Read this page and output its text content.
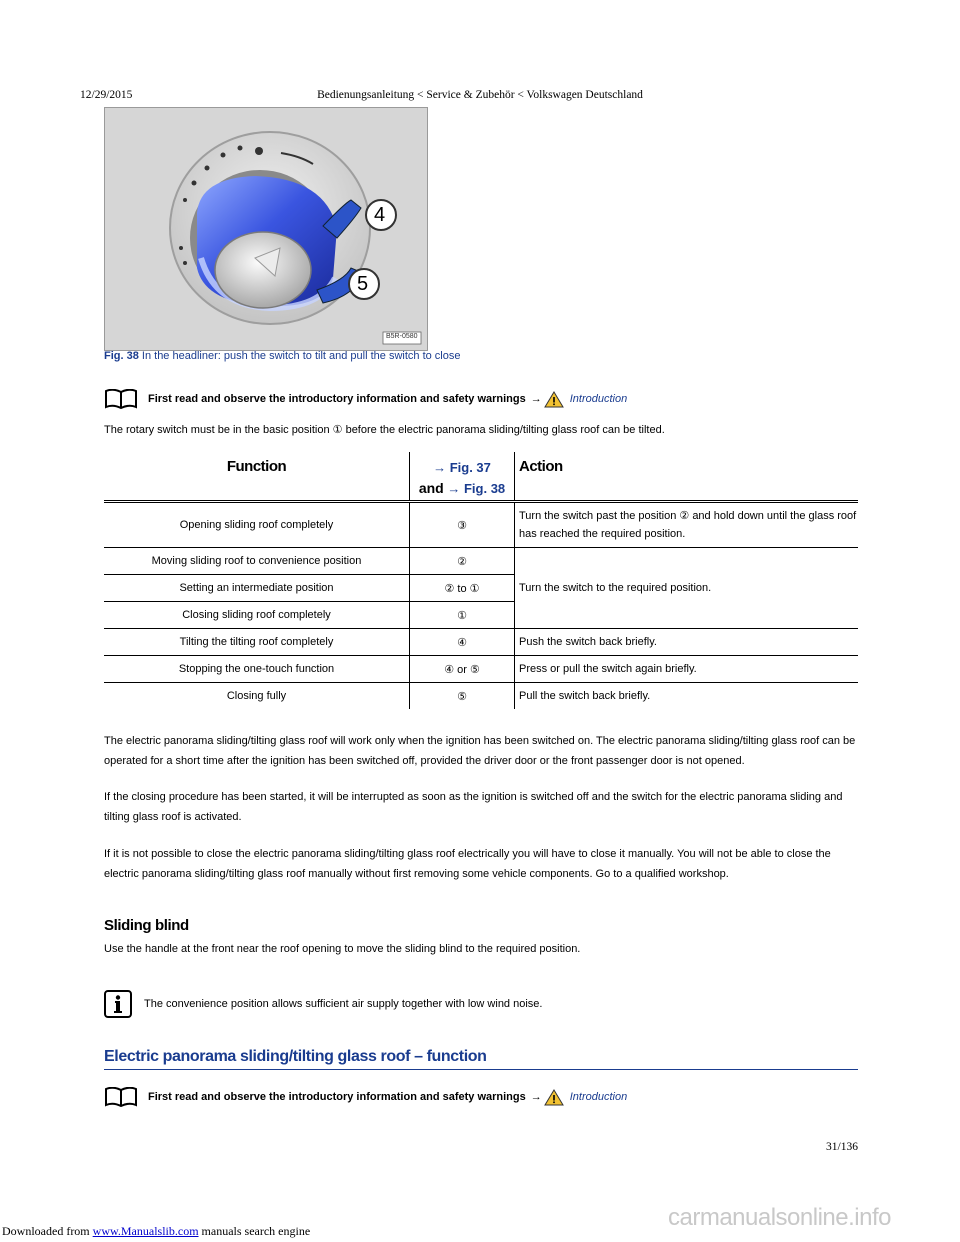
12/29/2015	Bedienungsanleitung < Service & Zubehör < Volkswagen Deutschland
4
5
B5R-0580
Fig. 38 In the headliner: push the switch to tilt and pull the switch to close
First read and observe the introductory information and safety warnings →	Introduction
The rotary switch must be in the basic position ① before the electric panorama sliding/tilting glass roof can be tilted.
Function	→ Fig. 37
and → Fig. 38	Action
Opening sliding roof completely	③	Turn the switch past the position ② and hold down until the glass roof has reached the required position.
Moving sliding roof to convenience position	②	Turn the switch to the required position.
Setting an intermediate position	② to ①	
Closing sliding roof completely	①	
Tilting the tilting roof completely	④	Push the switch back briefly.
Stopping the one-touch function	④ or ⑤	Press or pull the switch again briefly.
Closing fully	⑤	Pull the switch back briefly.
The electric panorama sliding/tilting glass roof will work only when the ignition has been switched on. The electric panorama sliding/tilting glass roof can be operated for a short time after the ignition has been switched off, provided the driver door or the front passenger door is not opened.
If the closing procedure has been started, it will be interrupted as soon as the ignition is switched off and the switch for the electric panorama sliding and tilting glass roof is activated.
If it is not possible to close the electric panorama sliding/tilting glass roof electrically you will have to close it manually. You will not be able to close the electric panorama sliding/tilting glass roof manually without first removing some vehicle components. Go to a qualified workshop.
Sliding blind
Use the handle at the front near the roof opening to move the sliding blind to the required position.
The convenience position allows sufficient air supply together with low wind noise.
Electric panorama sliding/tilting glass roof – function
First read and observe the introductory information and safety warnings →	Introduction
31/136
Downloaded from www.Manualslib.com manuals search engine	carmanualsonline.info
